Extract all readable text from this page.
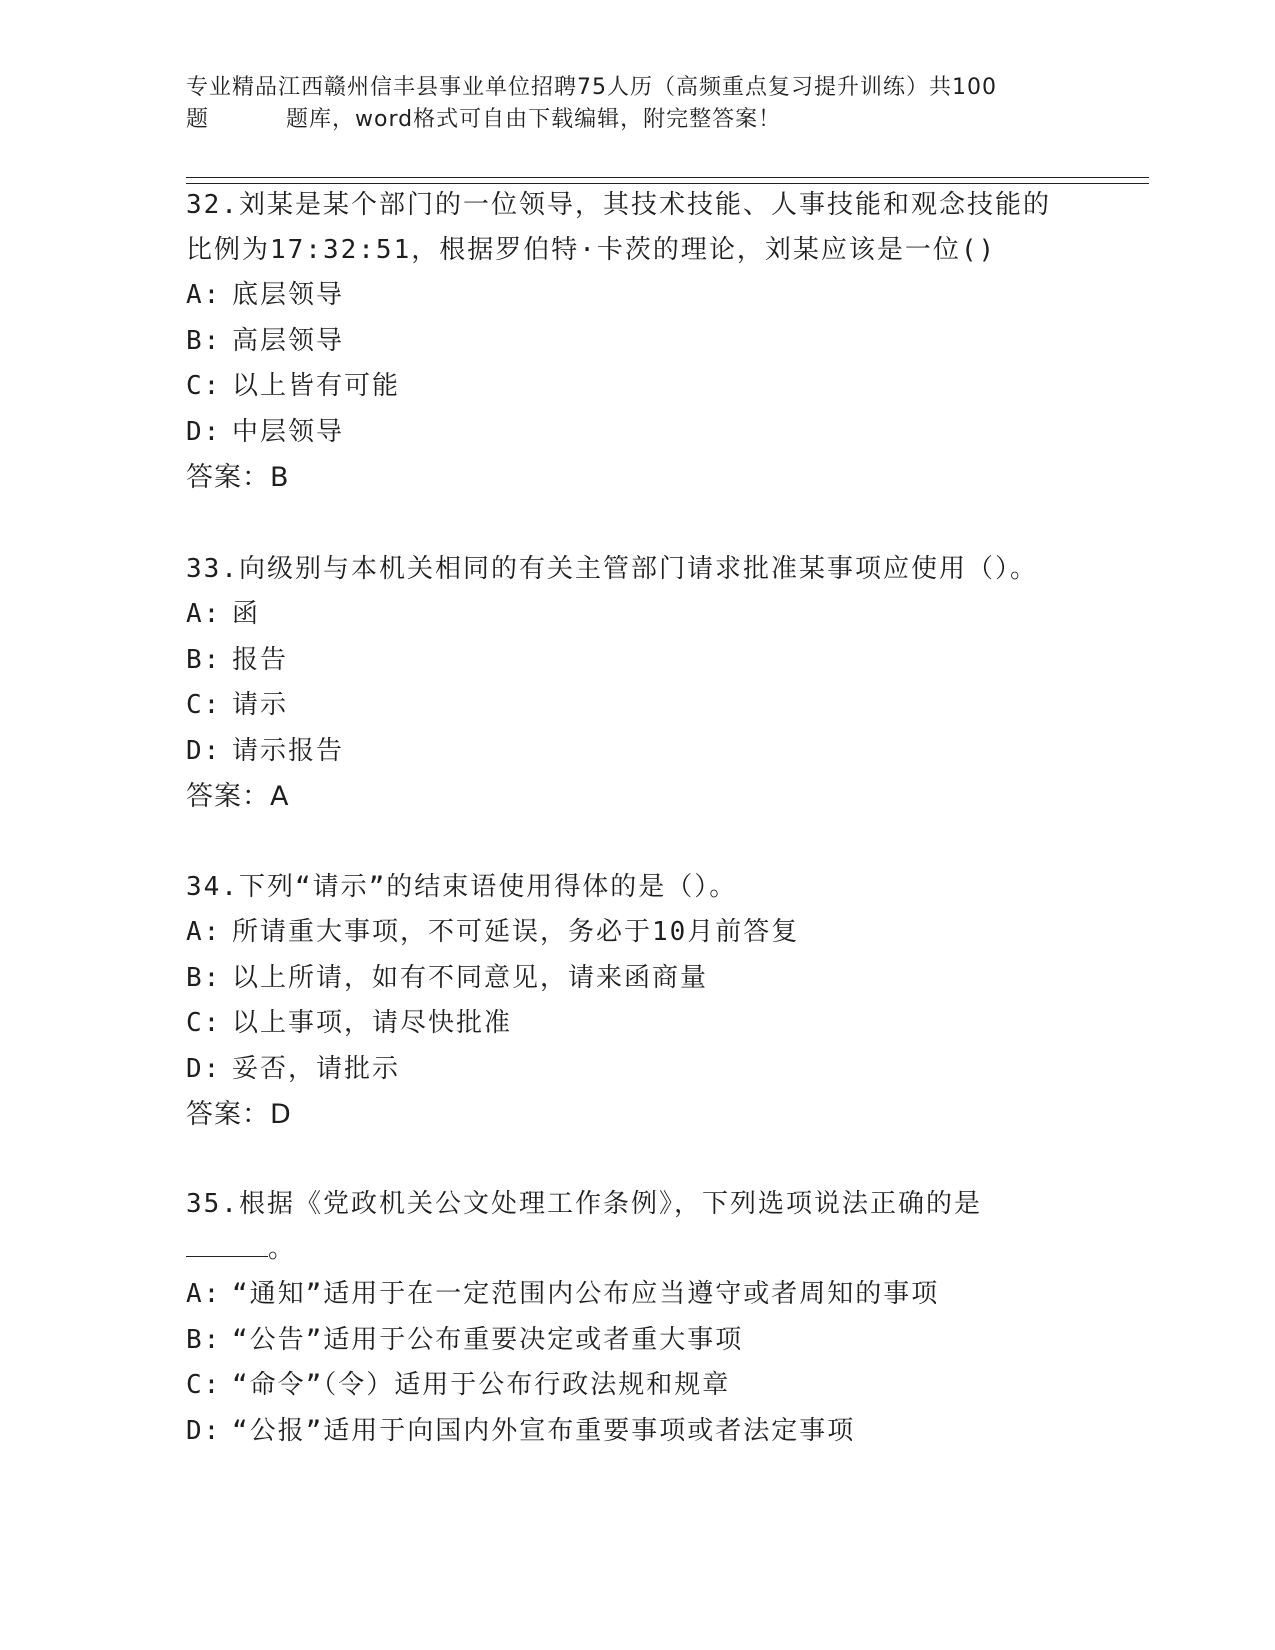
专业精品江西赣州信丰县事业单位招聘75人历（高频重点复习提升训练）共100
题	题库，word格式可自由下载编辑，附完整答案！
32.刘某是某个部门的一位领导，其技术技能、人事技能和观念技能的
比例为17:32:51，根据罗伯特·卡茨的理论，刘某应该是一位()
A: 底层领导
B: 高层领导
C: 以上皆有可能
D: 中层领导
答案：B
33.向级别与本机关相同的有关主管部门请求批准某事项应使用（）。
A: 函
B: 报告
C: 请示
D: 请示报告
答案：A
34.下列“请示”的结束语使用得体的是（）。
A: 所请重大事项，不可延误，务必于10月前答复
B: 以上所请，如有不同意见，请来函商量
C: 以上事项，请尽快批准
D: 妥否，请批示
答案：D
35.根据《党政机关公文处理工作条例》，下列选项说法正确的是
。
A: “通知”适用于在一定范围内公布应当遵守或者周知的事项
B: “公告”适用于公布重要决定或者重大事项
C: “命令”（令）适用于公布行政法规和规章
D: “公报”适用于向国内外宣布重要事项或者法定事项
